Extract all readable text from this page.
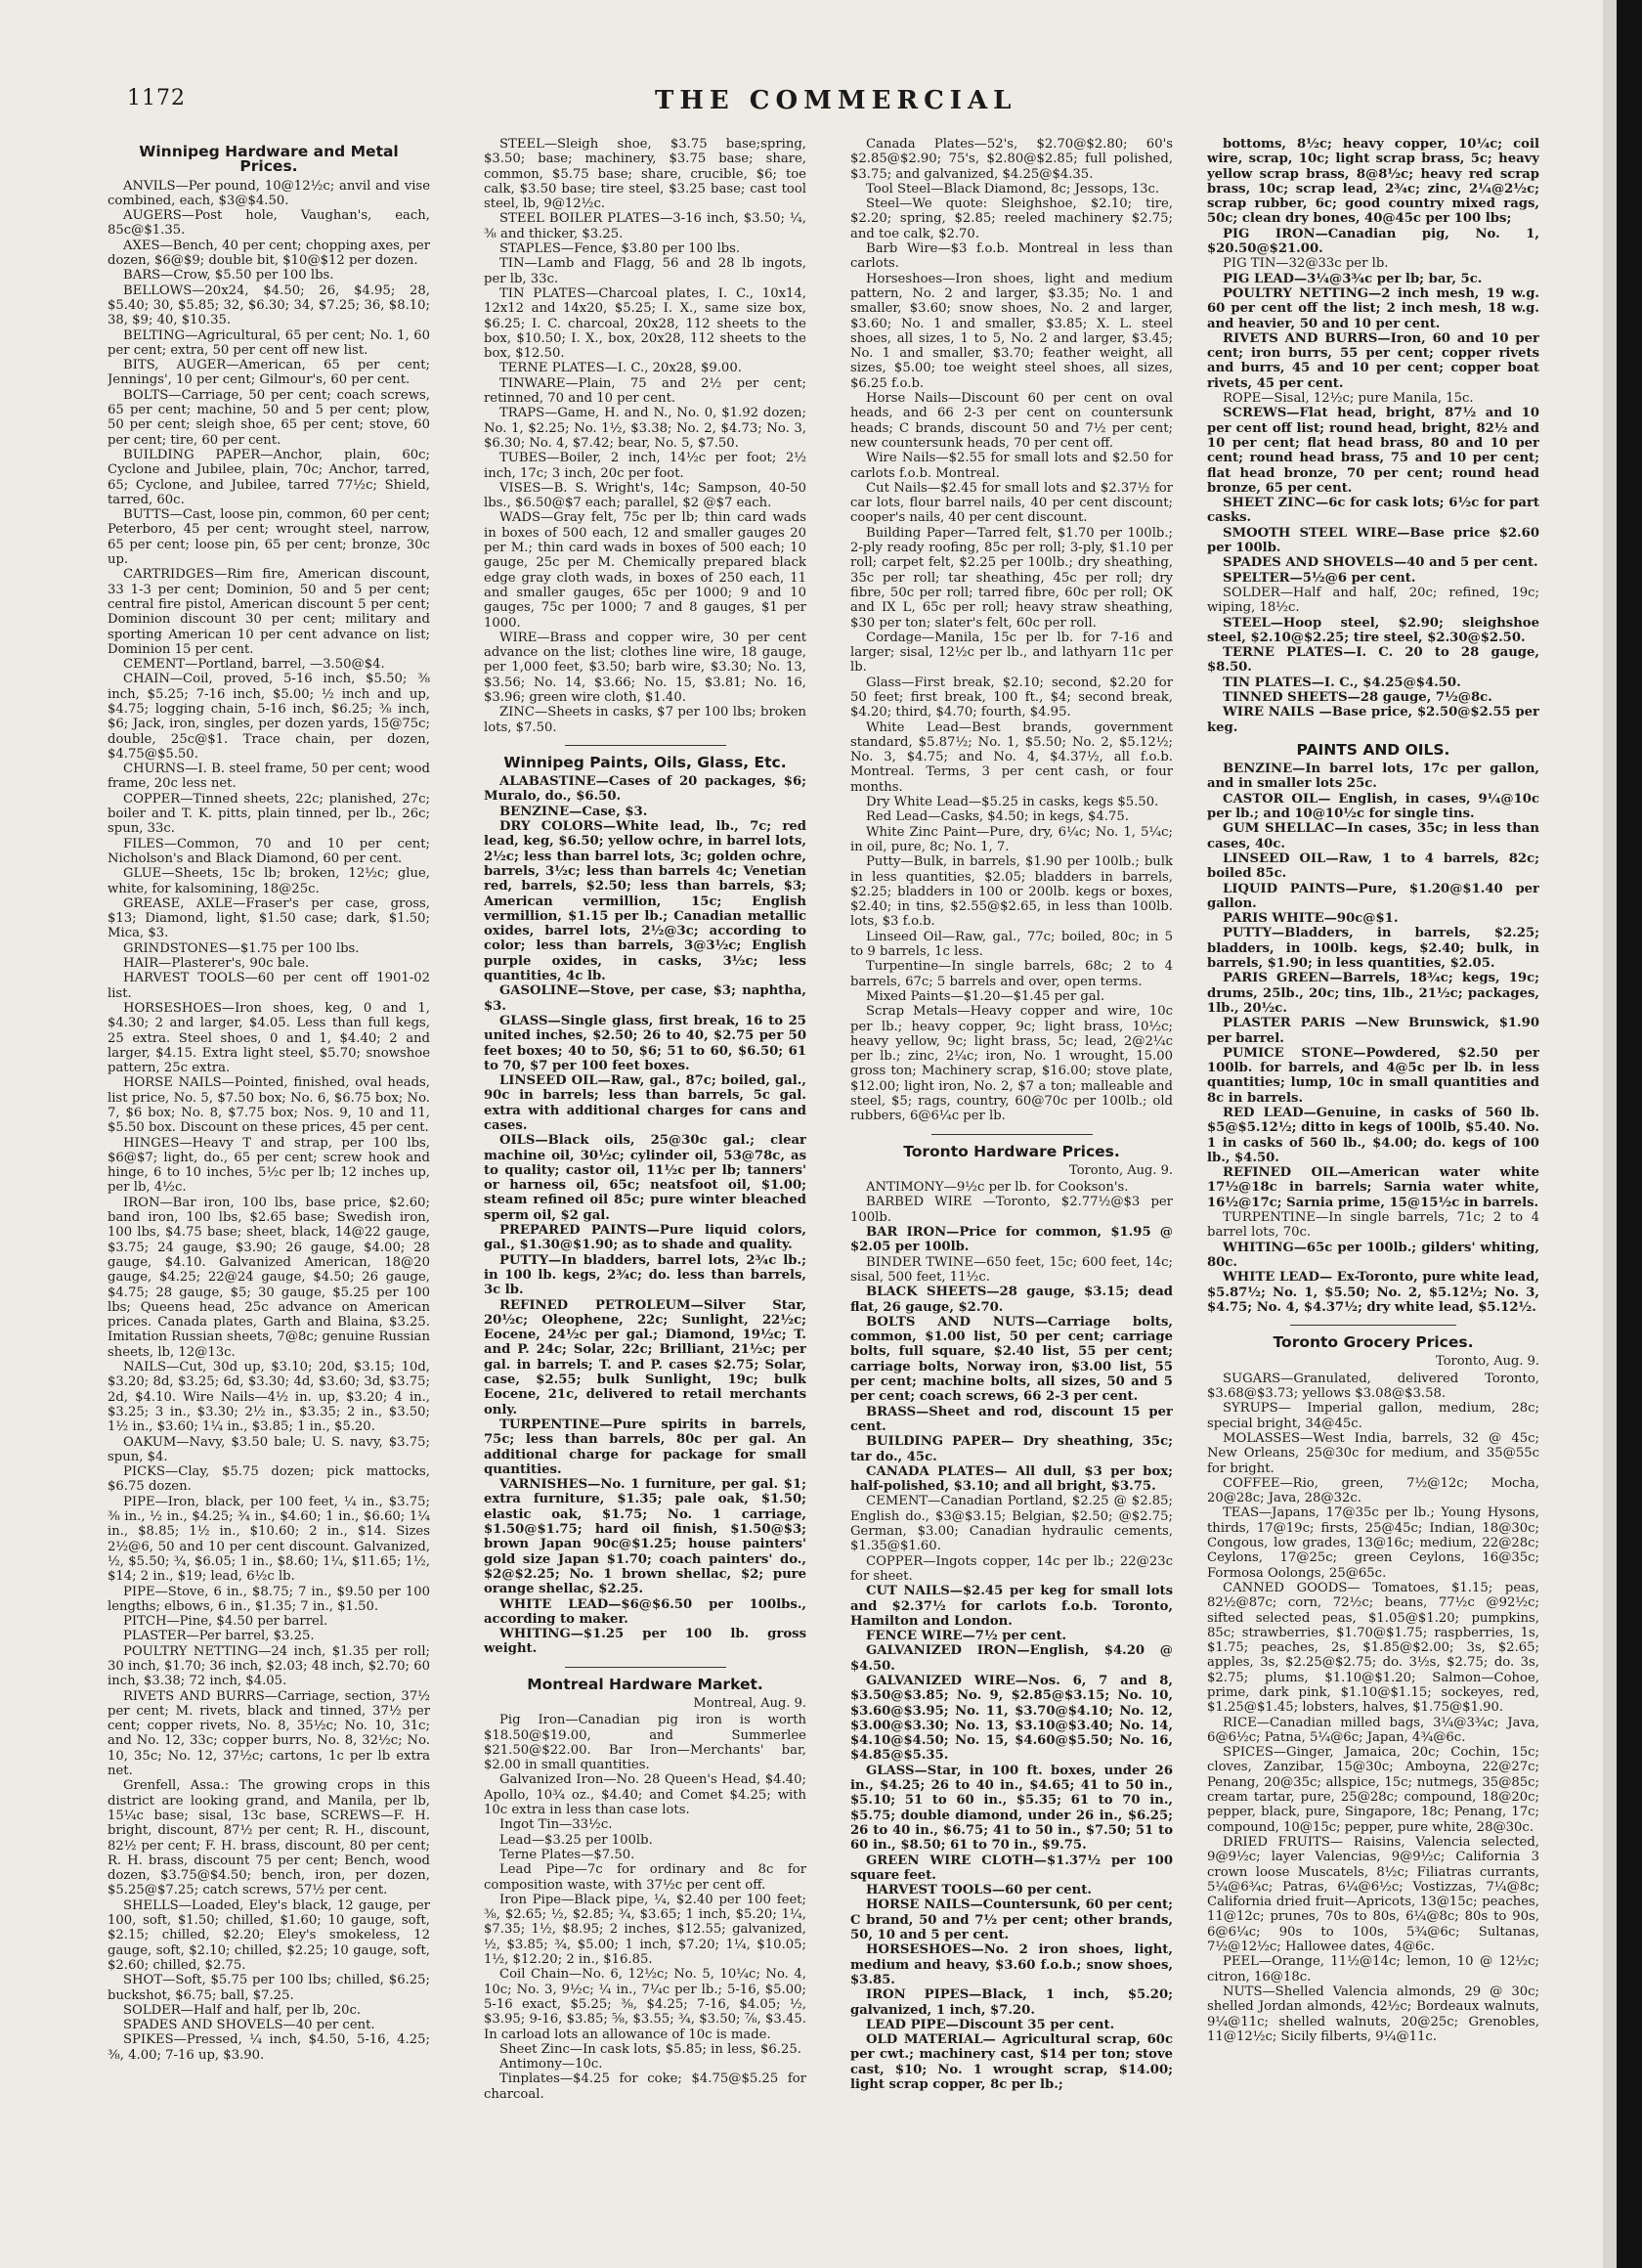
1172	THE COMMERCIAL
Winnipeg Hardware and Metal Prices.

ANVILS—Per pound, 10@12½c; anvil and vise combined, each, $3@$4.50.

AUGERS—Post hole, Vaughan's, each, 85c@$1.35.

AXES—Bench, 40 per cent; chopping axes, per dozen, $6@$9; double bit, $10@$12 per dozen.

BARS—Crow, $5.50 per 100 lbs.

BELLOWS—20x24, $4.50; 26, $4.95; 28, $5.40; 30, $5.85; 32, $6.30; 34, $7.25; 36, $8.10; 38, $9; 40, $10.35.

BELTING—Agricultural, 65 per cent; No. 1, 60 per cent; extra, 50 per cent off new list.

BITS, AUGER—American, 65 per cent; Jennings', 10 per cent; Gilmour's, 60 per cent.

BOLTS—Carriage, 50 per cent; coach screws, 65 per cent; machine, 50 and 5 per cent; plow, 50 per cent; sleigh shoe, 65 per cent; stove, 60 per cent; tire, 60 per cent.

BUILDING PAPER—Anchor, plain, 60c; Cyclone and Jubilee, plain, 70c; Anchor, tarred, 65; Cyclone, and Jubilee, tarred 77½c; Shield, tarred, 60c.

BUTTS—Cast, loose pin, common, 60 per cent; Peterboro, 45 per cent; wrought steel, narrow, 65 per cent; loose pin, 65 per cent; bronze, 30c up.

CARTRIDGES—Rim fire, American discount, 33 1-3 per cent; Dominion, 50 and 5 per cent; central fire pistol, American discount 5 per cent; Dominion discount 30 per cent; military and sporting American 10 per cent advance on list; Dominion 15 per cent.

CEMENT—Portland, barrel, —3.50@$4.

CHAIN—Coil, proved, 5-16 inch, $5.50; ⅜ inch, $5.25; 7-16 inch, $5.00; ½ inch and up, $4.75; logging chain, 5-16 inch, $6.25; ⅜ inch, $6; Jack, iron, singles, per dozen yards, 15@75c; double, 25c@$1. Trace chain, per dozen, $4.75@$5.50.

CHURNS—I. B. steel frame, 50 per cent; wood frame, 20c less net.

COPPER—Tinned sheets, 22c; planished, 27c; boiler and T. K. pitts, plain tinned, per lb., 26c; spun, 33c.

FILES—Common, 70 and 10 per cent; Nicholson's and Black Diamond, 60 per cent.

GLUE—Sheets, 15c lb; broken, 12½c; glue, white, for kalsomining, 18@25c.

GREASE, AXLE—Fraser's per case, gross, $13; Diamond, light, $1.50 case; dark, $1.50; Mica, $3.

GRINDSTONES—$1.75 per 100 lbs.

HAIR—Plasterer's, 90c bale.

HARVEST TOOLS—60 per cent off 1901-02 list.

HORSESHOES—Iron shoes, keg, 0 and 1, $4.30; 2 and larger, $4.05. Less than full kegs, 25 extra. Steel shoes, 0 and 1, $4.40; 2 and larger, $4.15. Extra light steel, $5.70; snowshoe pattern, 25c extra.

HORSE NAILS—Pointed, finished, oval heads, list price, No. 5, $7.50 box; No. 6, $6.75 box; No. 7, $6 box; No. 8, $7.75 box; Nos. 9, 10 and 11, $5.50 box. Discount on these prices, 45 per cent.

HINGES—Heavy T and strap, per 100 lbs, $6@$7; light, do., 65 per cent; screw hook and hinge, 6 to 10 inches, 5½c per lb; 12 inches up, per lb, 4½c.

IRON—Bar iron, 100 lbs, base price, $2.60; band iron, 100 lbs, $2.65 base; Swedish iron, 100 lbs, $4.75 base; sheet, black, 14@22 gauge, $3.75; 24 gauge, $3.90; 26 gauge, $4.00; 28 gauge, $4.10. Galvanized American, 18@20 gauge, $4.25; 22@24 gauge, $4.50; 26 gauge, $4.75; 28 gauge, $5; 30 gauge, $5.25 per 100 lbs; Queens head, 25c advance on American prices. Canada plates, Garth and Blaina, $3.25. Imitation Russian sheets, 7@8c; genuine Russian sheets, lb, 12@13c.

NAILS—Cut, 30d up, $3.10; 20d, $3.15; 10d, $3.20; 8d, $3.25; 6d, $3.30; 4d, $3.60; 3d, $3.75; 2d, $4.10. Wire Nails—4½ in. up, $3.20; 4 in., $3.25; 3 in., $3.30; 2½ in., $3.35; 2 in., $3.50; 1½ in., $3.60; 1¼ in., $3.85; 1 in., $5.20.

OAKUM—Navy, $3.50 bale; U. S. navy, $3.75; spun, $4.

PICKS—Clay, $5.75 dozen; pick mattocks, $6.75 dozen.

PIPE—Iron, black, per 100 feet, ¼ in., $3.75; ⅜ in., ½ in., $4.25; ¾ in., $4.60; 1 in., $6.60; 1¼ in., $8.85; 1½ in., $10.60; 2 in., $14. Sizes 2½@6, 50 and 10 per cent discount. Galvanized, ½, $5.50; ¾, $6.05; 1 in., $8.60; 1¼, $11.65; 1½, $14; 2 in., $19; lead, 6½c lb.

PIPE—Stove, 6 in., $8.75; 7 in., $9.50 per 100 lengths; elbows, 6 in., $1.35; 7 in., $1.50.

PITCH—Pine, $4.50 per barrel.

PLASTER—Per barrel, $3.25.

POULTRY NETTING—24 inch, $1.35 per roll; 30 inch, $1.70; 36 inch, $2.03; 48 inch, $2.70; 60 inch, $3.38; 72 inch, $4.05.

RIVETS AND BURRS—Carriage, section, 37½ per cent; M. rivets, black and tinned, 37½ per cent; copper rivets, No. 8, 35½c; No. 10, 31c; and No. 12, 33c; copper burrs, No. 8, 32½c; No. 10, 35c; No. 12, 37½c; cartons, 1c per lb extra net.

Grenfell, Assa.: The growing crops in this district are looking grand, and Manila, per lb, 15¼c base; sisal, 13c base, SCREWS—F. H. bright, discount, 87½ per cent; R. H., discount, 82½ per cent; F. H. brass, discount, 80 per cent; R. H. brass, discount 75 per cent; Bench, wood dozen, $3.75@$4.50; bench, iron, per dozen, $5.25@$7.25; catch screws, 57½ per cent.

SHELLS—Loaded, Eley's black, 12 gauge, per 100, soft, $1.50; chilled, $1.60; 10 gauge, soft, $2.15; chilled, $2.20; Eley's smokeless, 12 gauge, soft, $2.10; chilled, $2.25; 10 gauge, soft, $2.60; chilled, $2.75.

SHOT—Soft, $5.75 per 100 lbs; chilled, $6.25; buckshot, $6.75; ball, $7.25.

SOLDER—Half and half, per lb, 20c.

SPADES AND SHOVELS—40 per cent.

SPIKES—Pressed, ¼ inch, $4.50, 5-16, 4.25; ⅜, 4.00; 7-16 up, $3.90.

STEEL—Sleigh shoe, $3.75 base;spring, $3.50; base; machinery, $3.75 base; share, common, $5.75 base; share, crucible, $6; toe calk, $3.50 base; tire steel, $3.25 base; cast tool steel, lb, 9@12½c.

STEEL BOILER PLATES—3-16 inch, $3.50; ¼, ⅜ and thicker, $3.25.

STAPLES—Fence, $3.80 per 100 lbs.

TIN—Lamb and Flagg, 56 and 28 lb ingots, per lb, 33c.

TIN PLATES—Charcoal plates, I. C., 10x14, 12x12 and 14x20, $5.25; I. X., same size box, $6.25; I. C. charcoal, 20x28, 112 sheets to the box, $10.50; I. X., box, 20x28, 112 sheets to the box, $12.50.

TERNE PLATES—I. C., 20x28, $9.00.

TINWARE—Plain, 75 and 2½ per cent; retinned, 70 and 10 per cent.

TRAPS—Game, H. and N., No. 0, $1.92 dozen; No. 1, $2.25; No. 1½, $3.38; No. 2, $4.73; No. 3, $6.30; No. 4, $7.42; bear, No. 5, $7.50.

TUBES—Boiler, 2 inch, 14½c per foot; 2½ inch, 17c; 3 inch, 20c per foot.

VISES—B. S. Wright's, 14c; Sampson, 40-50 lbs., $6.50@$7 each; parallel, $2 @$7 each.

WADS—Gray felt, 75c per lb; thin card wads in boxes of 500 each, 12 and smaller gauges 20 per M.; thin card wads in boxes of 500 each; 10 gauge, 25c per M. Chemically prepared black edge gray cloth wads, in boxes of 250 each, 11 and smaller gauges, 65c per 1000; 9 and 10 gauges, 75c per 1000; 7 and 8 gauges, $1 per 1000.

WIRE—Brass and copper wire, 30 per cent advance on the list; clothes line wire, 18 gauge, per 1,000 feet, $3.50; barb wire, $3.30; No. 13, $3.56; No. 14, $3.66; No. 15, $3.81; No. 16, $3.96; green wire cloth, $1.40.

ZINC—Sheets in casks, $7 per 100 lbs; broken lots, $7.50.

Winnipeg Paints, Oils, Glass, Etc.

ALABASTINE—Cases of 20 packages, $6; Muralo, do., $6.50.

BENZINE—Case, $3.

DRY COLORS—White lead, lb., 7c; red lead, keg, $6.50; yellow ochre, in barrel lots, 2½c; less than barrel lots, 3c; golden ochre, barrels, 3½c; less than barrels 4c; Venetian red, barrels, $2.50; less than barrels, $3; American vermillion, 15c; English vermillion, $1.15 per lb.; Canadian metallic oxides, barrel lots, 2½@3c; according to color; less than barrels, 3@3½c; English purple oxides, in casks, 3½c; less quantities, 4c lb.

GASOLINE—Stove, per case, $3; naphtha, $3.

GLASS—Single glass, first break, 16 to 25 united inches, $2.50; 26 to 40, $2.75 per 50 feet boxes; 40 to 50, $6; 51 to 60, $6.50; 61 to 70, $7 per 100 feet boxes.

LINSEED OIL—Raw, gal., 87c; boiled, gal., 90c in barrels; less than barrels, 5c gal. extra with additional charges for cans and cases.

OILS—Black oils, 25@30c gal.; clear machine oil, 30½c; cylinder oil, 53@78c, as to quality; castor oil, 11½c per lb; tanners' or harness oil, 65c; neatsfoot oil, $1.00; steam refined oil 85c; pure winter bleached sperm oil, $2 gal.

PREPARED PAINTS—Pure liquid colors, gal., $1.30@$1.90; as to shade and quality.

PUTTY—In bladders, barrel lots, 2¾c lb.; in 100 lb. kegs, 2¾c; do. less than barrels, 3c lb.

REFINED PETROLEUM—Silver Star, 20½c; Oleophene, 22c; Sunlight, 22½c; Eocene, 24½c per gal.; Diamond, 19½c; T. and P. 24c; Solar, 22c; Brilliant, 21½c; per gal. in barrels; T. and P. cases $2.75; Solar, case, $2.55; bulk Sunlight, 19c; bulk Eocene, 21c, delivered to retail merchants only.

TURPENTINE—Pure spirits in barrels, 75c; less than barrels, 80c per gal. An additional charge for package for small quantities.

VARNISHES—No. 1 furniture, per gal. $1; extra furniture, $1.35; pale oak, $1.50; elastic oak, $1.75; No. 1 carriage, $1.50@$1.75; hard oil finish, $1.50@$3; brown Japan 90c@$1.25; house painters' gold size Japan $1.70; coach painters' do., $2@$2.25; No. 1 brown shellac, $2; pure orange shellac, $2.25.

WHITE LEAD—$6@$6.50 per 100lbs., according to maker.

WHITING—$1.25 per 100 lb. gross weight.

Montreal Hardware Market.
Montreal, Aug. 9.

Pig Iron—Canadian pig iron is worth $18.50@$19.00, and Summerlee $21.50@$22.00. Bar Iron—Merchants' bar, $2.00 in small quantities.

Galvanized Iron—No. 28 Queen's Head, $4.40; Apollo, 10¾ oz., $4.40; and Comet $4.25; with 10c extra in less than case lots.

Ingot Tin—33½c.

Lead—$3.25 per 100lb.

Terne Plates—$7.50.

Lead Pipe—7c for ordinary and 8c for composition waste, with 37½c per cent off.

Iron Pipe—Black pipe, ¼, $2.40 per 100 feet; ⅜, $2.65; ½, $2.85; ¾, $3.65; 1 inch, $5.20; 1¼, $7.35; 1½, $8.95; 2 inches, $12.55; galvanized, ½, $3.85; ¾, $5.00; 1 inch, $7.20; 1¼, $10.05; 1½, $12.20; 2 in., $16.85.

Coil Chain—No. 6, 12½c; No. 5, 10¼c; No. 4, 10c; No. 3, 9½c; ¼ in., 7¼c per lb.; 5-16, $5.00; 5-16 exact, $5.25; ⅜, $4.25; 7-16, $4.05; ½, $3.95; 9-16, $3.85; ⅝, $3.55; ¾, $3.50; ⅞, $3.45. In carload lots an allowance of 10c is made.

Sheet Zinc—In cask lots, $5.85; in less, $6.25.

Antimony—10c.

Tinplates—$4.25 for coke; $4.75@$5.25 for charcoal.

Canada Plates—52's, $2.70@$2.80; 60's $2.85@$2.90; 75's, $2.80@$2.85; full polished, $3.75; and galvanized, $4.25@$4.35.

Tool Steel—Black Diamond, 8c; Jessops, 13c.

Steel—We quote: Sleighshoe, $2.10; tire, $2.20; spring, $2.85; reeled machinery $2.75; and toe calk, $2.70.

Barb Wire—$3 f.o.b. Montreal in less than carlots.

Horseshoes—Iron shoes, light and medium pattern, No. 2 and larger, $3.35; No. 1 and smaller, $3.60; snow shoes, No. 2 and larger, $3.60; No. 1 and smaller, $3.85; X. L. steel shoes, all sizes, 1 to 5, No. 2 and larger, $3.45; No. 1 and smaller, $3.70; feather weight, all sizes, $5.00; toe weight steel shoes, all sizes, $6.25 f.o.b.

Horse Nails—Discount 60 per cent on oval heads, and 66 2-3 per cent on countersunk heads; C brands, discount 50 and 7½ per cent; new countersunk heads, 70 per cent off.

Wire Nails—$2.55 for small lots and $2.50 for carlots f.o.b. Montreal.

Cut Nails—$2.45 for small lots and $2.37½ for car lots, flour barrel nails, 40 per cent discount; cooper's nails, 40 per cent discount.

Building Paper—Tarred felt, $1.70 per 100lb.; 2-ply ready roofing, 85c per roll; 3-ply, $1.10 per roll; carpet felt, $2.25 per 100lb.; dry sheathing, 35c per roll; tar sheathing, 45c per roll; dry fibre, 50c per roll; tarred fibre, 60c per roll; OK and IX L, 65c per roll; heavy straw sheathing, $30 per ton; slater's felt, 60c per roll.

Cordage—Manila, 15c per lb. for 7-16 and larger; sisal, 12½c per lb., and lathyarn 11c per lb.

Glass—First break, $2.10; second, $2.20 for 50 feet; first break, 100 ft., $4; second break, $4.20; third, $4.70; fourth, $4.95.

White Lead—Best brands, government standard, $5.87½; No. 1, $5.50; No. 2, $5.12½; No. 3, $4.75; and No. 4, $4.37½, all f.o.b. Montreal. Terms, 3 per cent cash, or four months.

Dry White Lead—$5.25 in casks, kegs $5.50.

Red Lead—Casks, $4.50; in kegs, $4.75.

White Zinc Paint—Pure, dry, 6¼c; No. 1, 5¼c; in oil, pure, 8c; No. 1, 7.

Putty—Bulk, in barrels, $1.90 per 100lb.; bulk in less quantities, $2.05; bladders in barrels, $2.25; bladders in 100 or 200lb. kegs or boxes, $2.40; in tins, $2.55@$2.65, in less than 100lb. lots, $3 f.o.b.

Linseed Oil—Raw, gal., 77c; boiled, 80c; in 5 to 9 barrels, 1c less.

Turpentine—In single barrels, 68c; 2 to 4 barrels, 67c; 5 barrels and over, open terms.

Mixed Paints—$1.20—$1.45 per gal.

Scrap Metals—Heavy copper and wire, 10c per lb.; heavy copper, 9c; light brass, 10½c; heavy yellow, 9c; light brass, 5c; lead, 2@2¼c per lb.; zinc, 2¼c; iron, No. 1 wrought, 15.00 gross ton; Machinery scrap, $16.00; stove plate, $12.00; light iron, No. 2, $7 a ton; malleable and steel, $5; rags, country, 60@70c per 100lb.; old rubbers, 6@6¼c per lb.

Toronto Hardware Prices.
Toronto, Aug. 9.

ANTIMONY—9½c per lb. for Cookson's.

BARBED WIRE —Toronto, $2.77½@$3 per 100lb.

BAR IRON—Price for common, $1.95 @ $2.05 per 100lb.

BINDER TWINE—650 feet, 15c; 600 feet, 14c; sisal, 500 feet, 11½c.

BLACK SHEETS—28 gauge, $3.15; dead flat, 26 gauge, $2.70.

BOLTS AND NUTS—Carriage bolts, common, $1.00 list, 50 per cent; carriage bolts, full square, $2.40 list, 55 per cent; carriage bolts, Norway iron, $3.00 list, 55 per cent; machine bolts, all sizes, 50 and 5 per cent; coach screws, 66 2-3 per cent.

BRASS—Sheet and rod, discount 15 per cent.

BUILDING PAPER— Dry sheathing, 35c; tar do., 45c.

CANADA PLATES— All dull, $3 per box; half-polished, $3.10; and all bright, $3.75.

CEMENT—Canadian Portland, $2.25 @ $2.85; English do., $3@$3.15; Belgian, $2.50; @$2.75; German, $3.00; Canadian hydraulic cements, $1.35@$1.60.

COPPER—Ingots copper, 14c per lb.; 22@23c for sheet.

CUT NAILS—$2.45 per keg for small lots and $2.37½ for carlots f.o.b. Toronto, Hamilton and London.

FENCE WIRE—7½ per cent.

GALVANIZED IRON—English, $4.20 @ $4.50.

GALVANIZED WIRE—Nos. 6, 7 and 8, $3.50@$3.85; No. 9, $2.85@$3.15; No. 10, $3.60@$3.95; No. 11, $3.70@$4.10; No. 12, $3.00@$3.30; No. 13, $3.10@$3.40; No. 14, $4.10@$4.50; No. 15, $4.60@$5.50; No. 16, $4.85@$5.35.

GLASS—Star, in 100 ft. boxes, under 26 in., $4.25; 26 to 40 in., $4.65; 41 to 50 in., $5.10; 51 to 60 in., $5.35; 61 to 70 in., $5.75; double diamond, under 26 in., $6.25; 26 to 40 in., $6.75; 41 to 50 in., $7.50; 51 to 60 in., $8.50; 61 to 70 in., $9.75.

GREEN WIRE CLOTH—$1.37½ per 100 square feet.

HARVEST TOOLS—60 per cent.

HORSE NAILS—Countersunk, 60 per cent; C brand, 50 and 7½ per cent; other brands, 50, 10 and 5 per cent.

HORSESHOES—No. 2 iron shoes, light, medium and heavy, $3.60 f.o.b.; snow shoes, $3.85.

IRON PIPES—Black, 1 inch, $5.20; galvanized, 1 inch, $7.20.

LEAD PIPE—Discount 35 per cent.

OLD MATERIAL— Agricultural scrap, 60c per cwt.; machinery cast, $14 per ton; stove cast, $10; No. 1 wrought scrap, $14.00; light scrap copper, 8c per lb.;

bottoms, 8½c; heavy copper, 10¼c; coil wire, scrap, 10c; light scrap brass, 5c; heavy yellow scrap brass, 8@8½c; heavy red scrap brass, 10c; scrap lead, 2¾c; zinc, 2¼@2½c; scrap rubber, 6c; good country mixed rags, 50c; clean dry bones, 40@45c per 100 lbs;

PIG IRON—Canadian pig, No. 1, $20.50@$21.00.

PIG TIN—32@33c per lb.

PIG LEAD—3¼@3¾c per lb; bar, 5c.

POULTRY NETTING—2 inch mesh, 19 w.g. 60 per cent off the list; 2 inch mesh, 18 w.g. and heavier, 50 and 10 per cent.

RIVETS AND BURRS—Iron, 60 and 10 per cent; iron burrs, 55 per cent; copper rivets and burrs, 45 and 10 per cent; copper boat rivets, 45 per cent.

ROPE—Sisal, 12½c; pure Manila, 15c.

SCREWS—Flat head, bright, 87½ and 10 per cent off list; round head, bright, 82½ and 10 per cent; flat head brass, 80 and 10 per cent; round head brass, 75 and 10 per cent; flat head bronze, 70 per cent; round head bronze, 65 per cent.

SHEET ZINC—6c for cask lots; 6½c for part casks.

SMOOTH STEEL WIRE—Base price $2.60 per 100lb.

SPADES AND SHOVELS—40 and 5 per cent.

SPELTER—5½@6 per cent.

SOLDER—Half and half, 20c; refined, 19c; wiping, 18½c.

STEEL—Hoop steel, $2.90; sleighshoe steel, $2.10@$2.25; tire steel, $2.30@$2.50.

TERNE PLATES—I. C. 20 to 28 gauge, $8.50.

TIN PLATES—I. C., $4.25@$4.50.

TINNED SHEETS—28 gauge, 7½@8c.

WIRE NAILS —Base price, $2.50@$2.55 per keg.

PAINTS AND OILS.

BENZINE—In barrel lots, 17c per gallon, and in smaller lots 25c.

CASTOR OIL— English, in cases, 9¼@10c per lb.; and 10@10½c for single tins.

GUM SHELLAC—In cases, 35c; in less than cases, 40c.

LINSEED OIL—Raw, 1 to 4 barrels, 82c; boiled 85c.

LIQUID PAINTS—Pure, $1.20@$1.40 per gallon.

PARIS WHITE—90c@$1.

PUTTY—Bladders, in barrels, $2.25; bladders, in 100lb. kegs, $2.40; bulk, in barrels, $1.90; in less quantities, $2.05.

PARIS GREEN—Barrels, 18¾c; kegs, 19c; drums, 25lb., 20c; tins, 1lb., 21½c; packages, 1lb., 20½c.

PLASTER PARIS —New Brunswick, $1.90 per barrel.

PUMICE STONE—Powdered, $2.50 per 100lb. for barrels, and 4@5c per lb. in less quantities; lump, 10c in small quantities and 8c in barrels.

RED LEAD—Genuine, in casks of 560 lb. $5@$5.12½; ditto in kegs of 100lb, $5.40. No. 1 in casks of 560 lb., $4.00; do. kegs of 100 lb., $4.50.

REFINED OIL—American water white 17½@18c in barrels; Sarnia water white, 16½@17c; Sarnia prime, 15@15½c in barrels.

TURPENTINE—In single barrels, 71c; 2 to 4 barrel lots, 70c.

WHITING—65c per 100lb.; gilders' whiting, 80c.

WHITE LEAD— Ex-Toronto, pure white lead, $5.87½; No. 1, $5.50; No. 2, $5.12½; No. 3, $4.75; No. 4, $4.37½; dry white lead, $5.12½.

Toronto Grocery Prices.
Toronto, Aug. 9.

SUGARS—Granulated, delivered Toronto, $3.68@$3.73; yellows $3.08@$3.58.

SYRUPS— Imperial gallon, medium, 28c; special bright, 34@45c.

MOLASSES—West India, barrels, 32 @ 45c; New Orleans, 25@30c for medium, and 35@55c for bright.

COFFEE—Rio, green, 7½@12c; Mocha, 20@28c; Java, 28@32c.

TEAS—Japans, 17@35c per lb.; Young Hysons, thirds, 17@19c; firsts, 25@45c; Indian, 18@30c; Congous, low grades, 13@16c; medium, 22@28c; Ceylons, 17@25c; green Ceylons, 16@35c; Formosa Oolongs, 25@65c.

CANNED GOODS— Tomatoes, $1.15; peas, 82½@87c; corn, 72½c; beans, 77½c @92½c; sifted selected peas, $1.05@$1.20; pumpkins, 85c; strawberries, $1.70@$1.75; raspberries, 1s, $1.75; peaches, 2s, $1.85@$2.00; 3s, $2.65; apples, 3s, $2.25@$2.75; do. 3½s, $2.75; do. 3s, $2.75; plums, $1.10@$1.20; Salmon—Cohoe, prime, dark pink, $1.10@$1.15; sockeyes, red, $1.25@$1.45; lobsters, halves, $1.75@$1.90.

RICE—Canadian milled bags, 3¼@3¾c; Java, 6@6½c; Patna, 5¼@6c; Japan, 4¾@6c.

SPICES—Ginger, Jamaica, 20c; Cochin, 15c; cloves, Zanzibar, 15@30c; Amboyna, 22@27c; Penang, 20@35c; allspice, 15c; nutmegs, 35@85c; cream tartar, pure, 25@28c; compound, 18@20c; pepper, black, pure, Singapore, 18c; Penang, 17c; compound, 10@15c; pepper, pure white, 28@30c.

DRIED FRUITS— Raisins, Valencia selected, 9@9½c; layer Valencias, 9@9½c; California 3 crown loose Muscatels, 8½c; Filiatras currants, 5¼@6¾c; Patras, 6¼@6½c; Vostizzas, 7¼@8c; California dried fruit—Apricots, 13@15c; peaches, 11@12c; prunes, 70s to 80s, 6¼@8c; 80s to 90s, 6@6¼c; 90s to 100s, 5¾@6c; Sultanas, 7½@12½c; Hallowee dates, 4@6c.

PEEL—Orange, 11½@14c; lemon, 10 @ 12½c; citron, 16@18c.

NUTS—Shelled Valencia almonds, 29 @ 30c; shelled Jordan almonds, 42½c; Bordeaux walnuts, 9¼@11c; shelled walnuts, 20@25c; Grenobles, 11@12½c; Sicily filberts, 9¼@11c.

J
F
